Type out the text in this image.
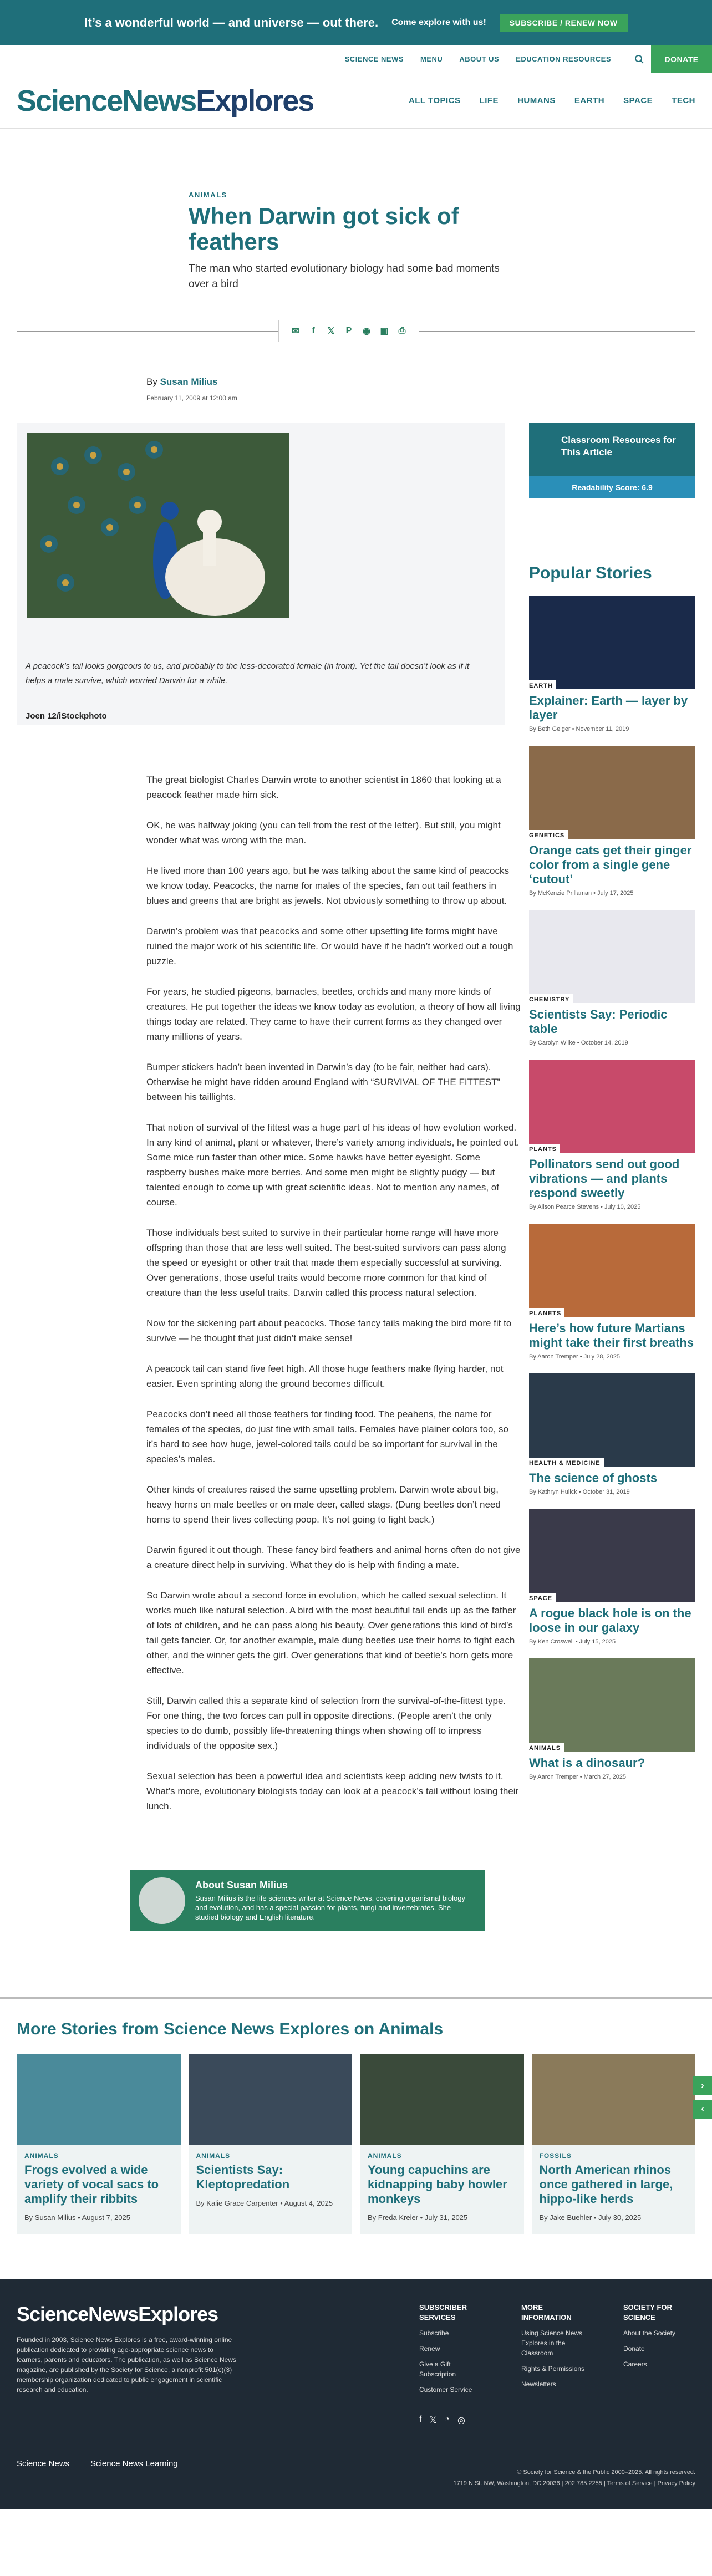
It’s a wonderful world — and universe — out there. Come explore with us!	SUBSCRIBE / RENEW NOW
SCIENCE NEWS MENU ABOUT US EDUCATION RESOURCES	DONATE
ScienceNewsExplores	ALL TOPICS LIFE HUMANS EARTH SPACE TECH
ANIMALS
When Darwin got sick of feathers
The man who started evolutionary biology had some bad moments over a bird
✉	f	𝕏 P ◉ ▣ ⎙
By Susan Milius
February 11, 2009 at 12:00 am
A peacock’s tail looks gorgeous to us, and probably to the less-decorated female (in front). Yet the tail doesn’t look as if it helps a male survive, which worried Darwin for a while.
Joen 12/iStockphoto

The great biologist Charles Darwin wrote to another scientist in 1860 that looking at a peacock feather made him sick.

OK, he was halfway joking (you can tell from the rest of the letter). But still, you might wonder what was wrong with the man.

He lived more than 100 years ago, but he was talking about the same kind of peacocks we know today. Peacocks, the name for males of the species, fan out tail feathers in blues and greens that are bright as jewels. Not obviously something to throw up about.

Darwin’s problem was that peacocks and some other upsetting life forms might have ruined the major work of his scientific life. Or would have if he hadn’t worked out a tough puzzle.

For years, he studied pigeons, barnacles, beetles, orchids and many more kinds of creatures. He put together the ideas we know today as evolution, a theory of how all living things today are related. They came to have their current forms as they changed over many millions of years.

Bumper stickers hadn’t been invented in Darwin’s day (to be fair, neither had cars). Otherwise he might have ridden around England with “SURVIVAL OF THE FITTEST” between his taillights.

That notion of survival of the fittest was a huge part of his ideas of how evolution worked. In any kind of animal, plant or whatever, there’s variety among individuals, he pointed out. Some mice run faster than other mice. Some hawks have better eyesight. Some raspberry bushes make more berries. And some men might be slightly pudgy — but talented enough to come up with great scientific ideas. Not to mention any names, of course.

Those individuals best suited to survive in their particular home range will have more offspring than those that are less well suited. The best-suited survivors can pass along the speed or eyesight or other trait that made them especially successful at surviving. Over generations, those useful traits would become more common for that kind of creature than the less useful traits. Darwin called this process natural selection.

Now for the sickening part about peacocks. Those fancy tails making the bird more fit to survive — he thought that just didn’t make sense!

A peacock tail can stand five feet high. All those huge feathers make flying harder, not easier. Even sprinting along the ground becomes difficult.

Peacocks don’t need all those feathers for finding food. The peahens, the name for females of the species, do just fine with small tails. Females have plainer colors too, so it’s hard to see how huge, jewel-colored tails could be so important for survival in the species’s males.

Other kinds of creatures raised the same upsetting problem. Darwin wrote about big, heavy horns on male beetles or on male deer, called stags. (Dung beetles don’t need horns to spend their lives collecting poop. It’s not going to fight back.)

Darwin figured it out though. These fancy bird feathers and animal horns often do not give a creature direct help in surviving. What they do is help with finding a mate.

So Darwin wrote about a second force in evolution, which he called sexual selection. It works much like natural selection. A bird with the most beautiful tail ends up as the father of lots of children, and he can pass along his beauty. Over generations this kind of bird’s tail gets fancier. Or, for another example, male dung beetles use their horns to fight each other, and the winner gets the girl. Over generations that kind of beetle’s horn gets more effective.

Still, Darwin called this a separate kind of selection from the survival-of-the-fittest type. For one thing, the two forces can pull in opposite directions. (People aren’t the only species to do dumb, possibly life-threatening things when showing off to impress individuals of the opposite sex.)

Sexual selection has been a powerful idea and scientists keep adding new twists to it. What’s more, evolutionary biologists today can look at a peacock’s tail without losing their lunch.

Classroom Resources for This Article
Readability Score: 6.9
Popular Stories
EARTH
Explainer: Earth — layer by layer
By Beth Geiger • November 11, 2019
GENETICS
Orange cats get their ginger color from a single gene ‘cutout’
By McKenzie Prillaman • July 17, 2025
CHEMISTRY
Scientists Say: Periodic table
By Carolyn Wilke • October 14, 2019
PLANTS
Pollinators send out good vibrations — and plants respond sweetly
By Alison Pearce Stevens • July 10, 2025
PLANETS
Here’s how future Martians might take their first breaths
By Aaron Tremper • July 28, 2025
HEALTH & MEDICINE
The science of ghosts
By Kathryn Hulick • October 31, 2019
SPACE
A rogue black hole is on the loose in our galaxy
By Ken Croswell • July 15, 2025
ANIMALS
What is a dinosaur?
By Aaron Tremper • March 27, 2025
About Susan Milius
Susan Milius is the life sciences writer at Science News, covering organismal biology and evolution, and has a special passion for plants, fungi and invertebrates. She studied biology and English literature.
More Stories from Science News Explores on Animals
ANIMALS
Frogs evolved a wide variety of vocal sacs to amplify their ribbits
By Susan Milius • August 7, 2025
ANIMALS
Scientists Say: Kleptopredation
By Kalie Grace Carpenter • August 4, 2025
ANIMALS
Young capuchins are kidnapping baby howler monkeys
By Freda Kreier • July 31, 2025
FOSSILS
North American rhinos once gathered in large, hippo-like herds
By Jake Buehler • July 30, 2025
›
‹
ScienceNewsExplores
Founded in 2003, Science News Explores is a free, award-winning online publication dedicated to providing age-appropriate science news to learners, parents and educators. The publication, as well as Science News magazine, are published by the Society for Science, a nonprofit 501(c)(3) membership organization dedicated to public engagement in scientific research and education.
Science News	Science News Learning
SUBSCRIBER SERVICES
Subscribe
Renew
Give a Gift Subscription
Customer Service
MORE INFORMATION
Using Science News Explores in the Classroom
Rights & Permissions
Newsletters
SOCIETY FOR SCIENCE
About the Society
Donate
Careers
f 𝕏 ◔ ◎
© Society for Science & the Public 2000–2025. All rights reserved.
1719 N St. NW, Washington, DC 20036 | 202.785.2255 | Terms of Service | Privacy Policy
